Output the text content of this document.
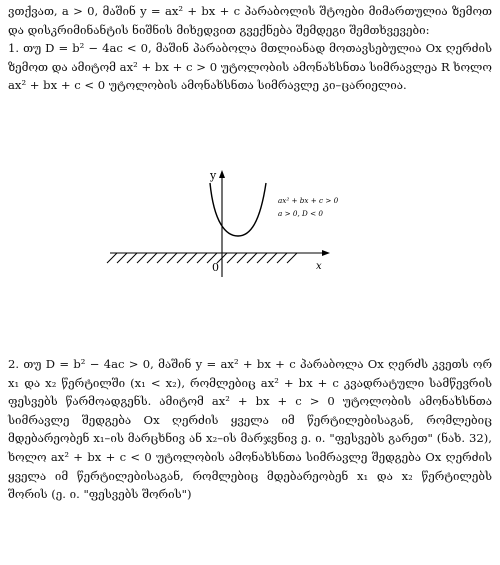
ვთქვათ, a > 0, მაშინ y = ax² + bx + c პარაბოლის შტოები მიმართულია ზემოთ და დისკრიმინანტის ნიშნის მიხედვით გვექნება შემდეგი შემთხვევები:
1. თუ D = b² − 4ac < 0, მაშინ პარაბოლა მთლიანად მოთავსებულია Ox ღერძის ზემოთ და ამიტომ ax² + bx + c > 0 უტოლობის ამონახსნთა სიმრავლეა R ხოლო ax² + bx + c < 0 უტოლობის ამონახსნთა სიმრავლე კი–ცარიელია.

y
x
0
ax² + bx + c > 0
a > 0, D < 0

2. თუ D = b² − 4ac > 0, მაშინ y = ax² + bx + c პარაბოლა Ox ღერძს კვეთს ორ x₁ და x₂ წერტილში (x₁ < x₂), რომლებიც ax² + bx + c კვადრატული სამწევრის ფესვებს წარმოადგენს. ამიტომ ax² + bx + c > 0 უტოლობის ამონახსნთა სიმრავლე შედგება Ox ღერძის ყველა იმ წერტილებისაგან, რომლებიც მდებარეობენ x₁–ის მარცხნივ ან x₂–ის მარჯვნივ ე. ი. "ფესვებს გარეთ" (ნახ. 32), ხოლო ax² + bx + c < 0 უტოლობის ამონახსნთა სიმრავლე შედგება Ox ღერძის ყველა იმ წერტილებისაგან, რომლებიც მდებარეობენ x₁ და x₂ წერტილებს შორის (ე. ი. "ფესვებს შორის")
